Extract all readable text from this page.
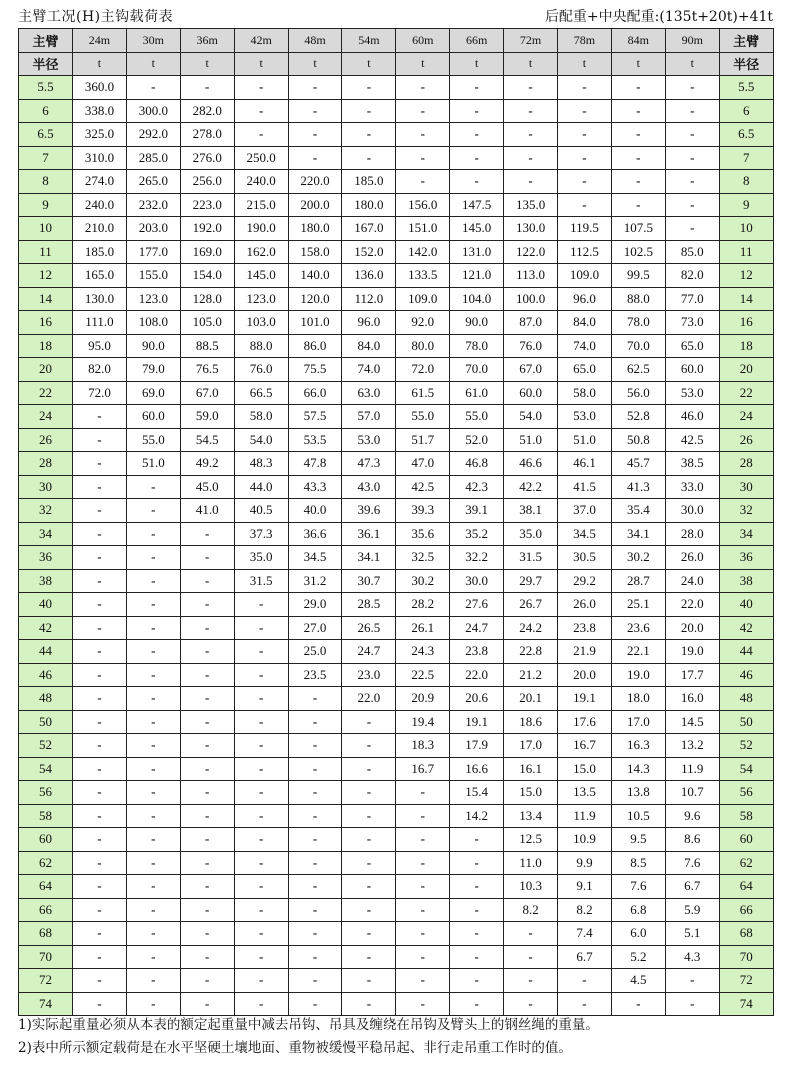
主臂工况(H)主钩载荷表	后配重+中央配重:(135t+20t)+41t
主臂	24m	30m	36m	42m	48m	54m	60m	66m	72m	78m	84m	90m	主臂
半径	t	t	t	t	t	t	t	t	t	t	t	t	半径
5.5	360.0	-	-	-	-	-	-	-	-	-	-	-	5.5
6	338.0	300.0	282.0	-	-	-	-	-	-	-	-	-	6
6.5	325.0	292.0	278.0	-	-	-	-	-	-	-	-	-	6.5
7	310.0	285.0	276.0	250.0	-	-	-	-	-	-	-	-	7
8	274.0	265.0	256.0	240.0	220.0	185.0	-	-	-	-	-	-	8
9	240.0	232.0	223.0	215.0	200.0	180.0	156.0	147.5	135.0	-	-	-	9
10	210.0	203.0	192.0	190.0	180.0	167.0	151.0	145.0	130.0	119.5	107.5	-	10
11	185.0	177.0	169.0	162.0	158.0	152.0	142.0	131.0	122.0	112.5	102.5	85.0	11
12	165.0	155.0	154.0	145.0	140.0	136.0	133.5	121.0	113.0	109.0	99.5	82.0	12
14	130.0	123.0	128.0	123.0	120.0	112.0	109.0	104.0	100.0	96.0	88.0	77.0	14
16	111.0	108.0	105.0	103.0	101.0	96.0	92.0	90.0	87.0	84.0	78.0	73.0	16
18	95.0	90.0	88.5	88.0	86.0	84.0	80.0	78.0	76.0	74.0	70.0	65.0	18
20	82.0	79.0	76.5	76.0	75.5	74.0	72.0	70.0	67.0	65.0	62.5	60.0	20
22	72.0	69.0	67.0	66.5	66.0	63.0	61.5	61.0	60.0	58.0	56.0	53.0	22
24	-	60.0	59.0	58.0	57.5	57.0	55.0	55.0	54.0	53.0	52.8	46.0	24
26	-	55.0	54.5	54.0	53.5	53.0	51.7	52.0	51.0	51.0	50.8	42.5	26
28	-	51.0	49.2	48.3	47.8	47.3	47.0	46.8	46.6	46.1	45.7	38.5	28
30	-	-	45.0	44.0	43.3	43.0	42.5	42.3	42.2	41.5	41.3	33.0	30
32	-	-	41.0	40.5	40.0	39.6	39.3	39.1	38.1	37.0	35.4	30.0	32
34	-	-	-	37.3	36.6	36.1	35.6	35.2	35.0	34.5	34.1	28.0	34
36	-	-	-	35.0	34.5	34.1	32.5	32.2	31.5	30.5	30.2	26.0	36
38	-	-	-	31.5	31.2	30.7	30.2	30.0	29.7	29.2	28.7	24.0	38
40	-	-	-	-	29.0	28.5	28.2	27.6	26.7	26.0	25.1	22.0	40
42	-	-	-	-	27.0	26.5	26.1	24.7	24.2	23.8	23.6	20.0	42
44	-	-	-	-	25.0	24.7	24.3	23.8	22.8	21.9	22.1	19.0	44
46	-	-	-	-	23.5	23.0	22.5	22.0	21.2	20.0	19.0	17.7	46
48	-	-	-	-	-	22.0	20.9	20.6	20.1	19.1	18.0	16.0	48
50	-	-	-	-	-	-	19.4	19.1	18.6	17.6	17.0	14.5	50
52	-	-	-	-	-	-	18.3	17.9	17.0	16.7	16.3	13.2	52
54	-	-	-	-	-	-	16.7	16.6	16.1	15.0	14.3	11.9	54
56	-	-	-	-	-	-	-	15.4	15.0	13.5	13.8	10.7	56
58	-	-	-	-	-	-	-	14.2	13.4	11.9	10.5	9.6	58
60	-	-	-	-	-	-	-	-	12.5	10.9	9.5	8.6	60
62	-	-	-	-	-	-	-	-	11.0	9.9	8.5	7.6	62
64	-	-	-	-	-	-	-	-	10.3	9.1	7.6	6.7	64
66	-	-	-	-	-	-	-	-	8.2	8.2	6.8	5.9	66
68	-	-	-	-	-	-	-	-	-	7.4	6.0	5.1	68
70	-	-	-	-	-	-	-	-	-	6.7	5.2	4.3	70
72	-	-	-	-	-	-	-	-	-	-	4.5	-	72
74	-	-	-	-	-	-	-	-	-	-	-	-	74
1)实际起重量必须从本表的额定起重量中减去吊钩、吊具及缠绕在吊钩及臂头上的钢丝绳的重量。
2)表中所示额定载荷是在水平坚硬土壤地面、重物被缓慢平稳吊起、非行走吊重工作时的值。
